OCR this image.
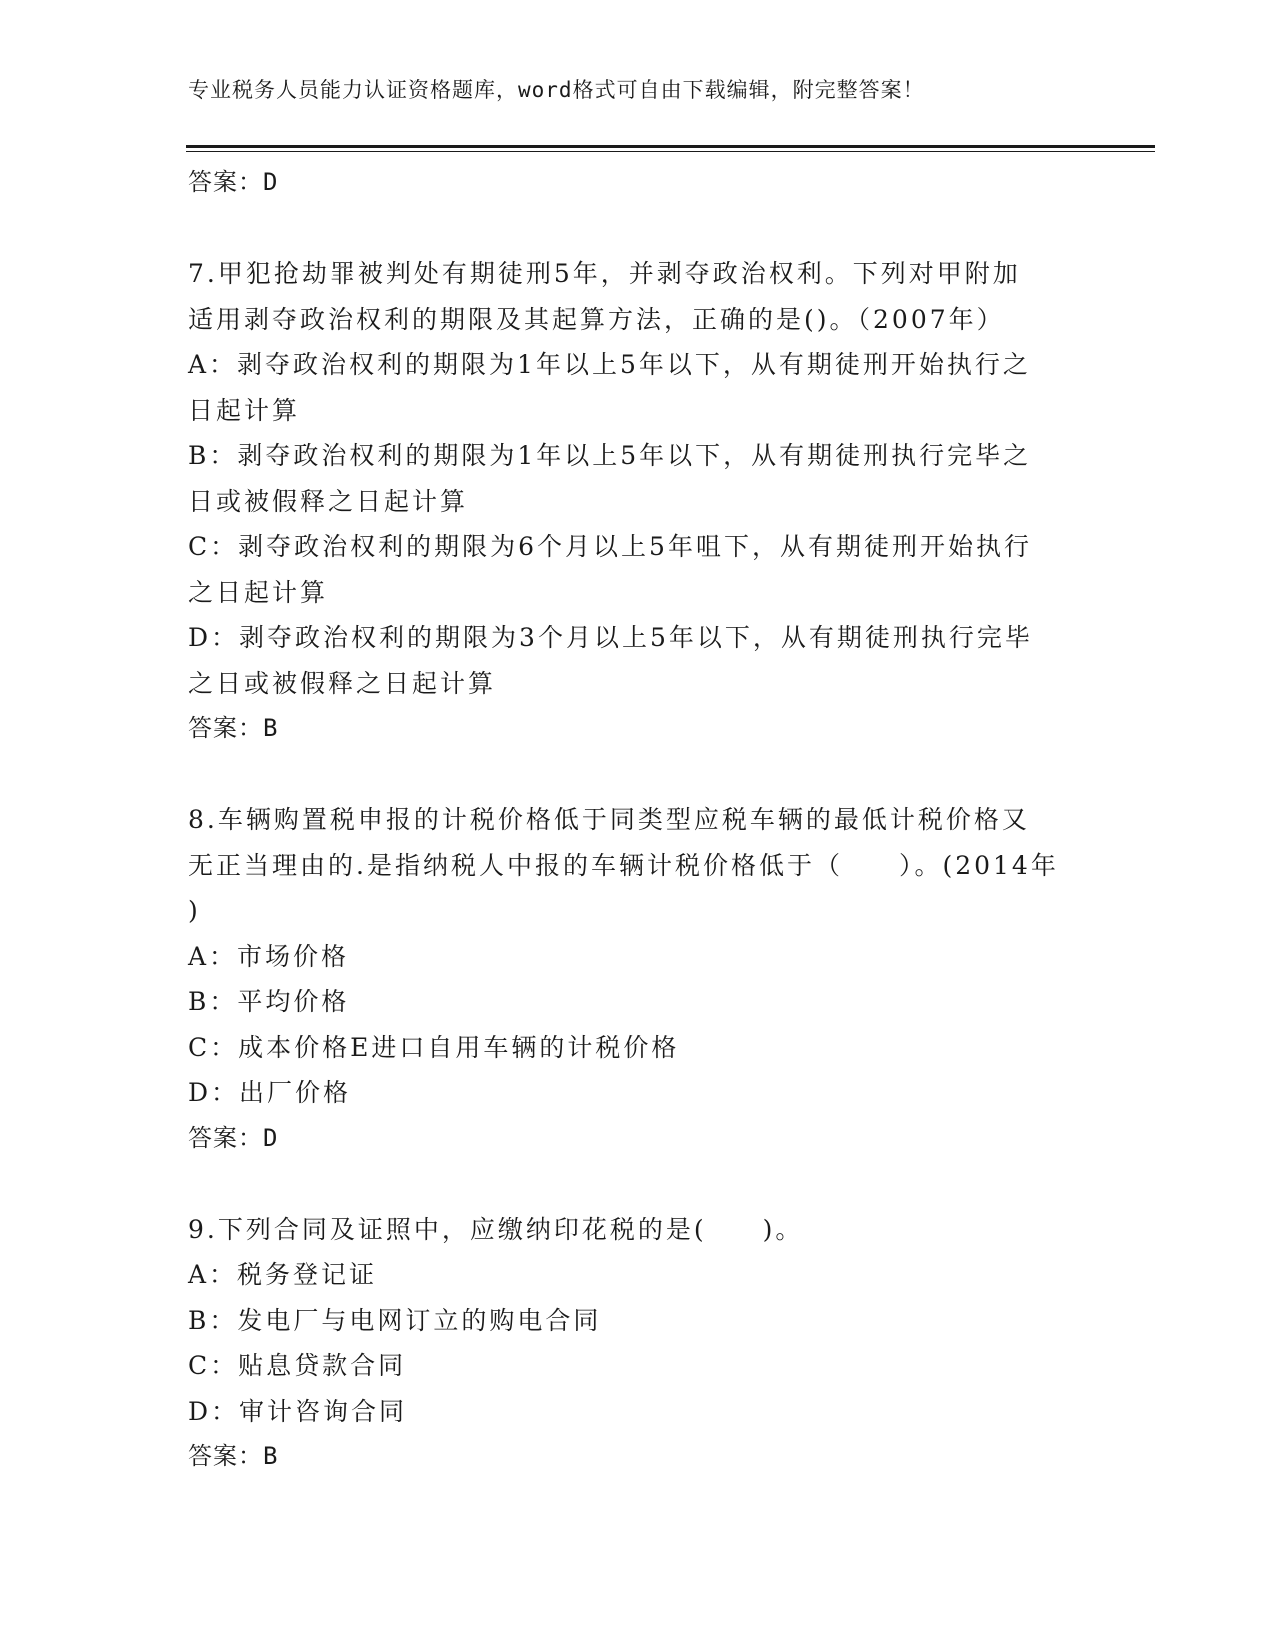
专业税务人员能力认证资格题库，word格式可自由下载编辑，附完整答案！
答案：D
7.甲犯抢劫罪被判处有期徒刑5年，并剥夺政治权利。下列对甲附加
适用剥夺政治权利的期限及其起算方法，正确的是()。（2007年）
A：剥夺政治权利的期限为1年以上5年以下，从有期徒刑开始执行之
日起计算
B：剥夺政治权利的期限为1年以上5年以下，从有期徒刑执行完毕之
日或被假释之日起计算
C：剥夺政治权利的期限为6个月以上5年咀下，从有期徒刑开始执行
之日起计算
D：剥夺政治权利的期限为3个月以上5年以下，从有期徒刑执行完毕
之日或被假释之日起计算
答案：B
8.车辆购置税申报的计税价格低于同类型应税车辆的最低计税价格又
无正当理由的.是指纳税人中报的车辆计税价格低于（　　）。(2014年
)
A：市场价格
B：平均价格
C：成本价格E进口自用车辆的计税价格
D：出厂价格
答案：D
9.下列合同及证照中，应缴纳印花税的是(　　)。
A：税务登记证
B：发电厂与电网订立的购电合同
C：贴息贷款合同
D：审计咨询合同
答案：B
